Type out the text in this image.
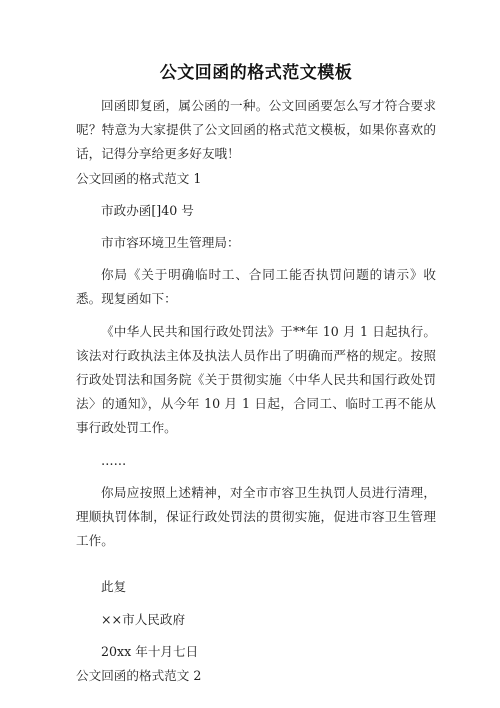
公文回函的格式范文模板

回函即复函，属公函的一种。公文回函要怎么写才符合要求呢？特意为大家提供了公文回函的格式范文模板，如果你喜欢的话，记得分享给更多好友哦！

公文回函的格式范文 1

市政办函[]40 号

市市容环境卫生管理局：

你局《关于明确临时工、合同工能否执罚问题的请示》收悉。现复函如下：

《中华人民共和国行政处罚法》于**年 10 月 1 日起执行。该法对行政执法主体及执法人员作出了明确而严格的规定。按照行政处罚法和国务院《关于贯彻实施〈中华人民共和国行政处罚法〉的通知》，从今年 10 月 1 日起，合同工、临时工再不能从事行政处罚工作。

……

你局应按照上述精神，对全市市容卫生执罚人员进行清理，理顺执罚体制，保证行政处罚法的贯彻实施，促进市容卫生管理工作。

此复

××市人民政府

20xx 年十月七日

公文回函的格式范文 2
